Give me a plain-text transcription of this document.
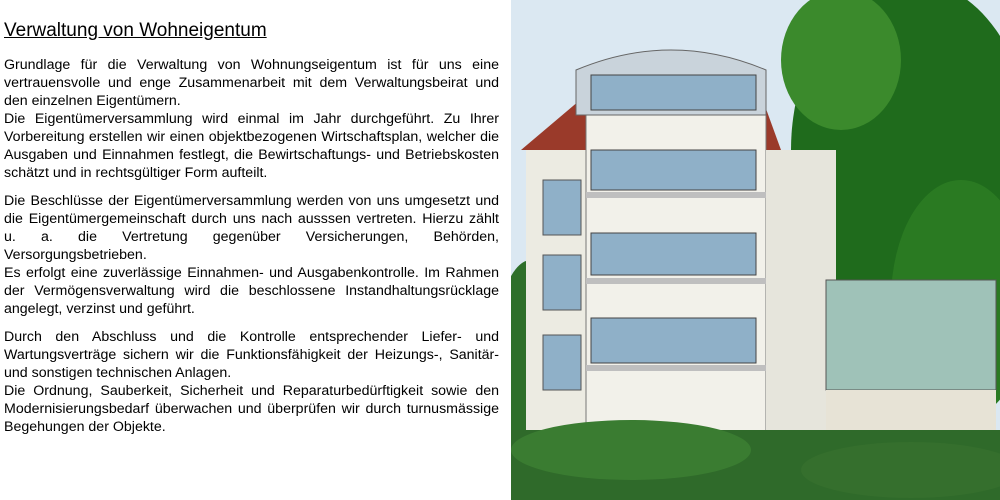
Verwaltung von Wohneigentum
Grundlage für die Verwaltung von Wohnungseigentum ist für uns eine vertrauensvolle und enge Zusammenarbeit mit dem Verwaltungsbeirat und den einzelnen Eigentümern.
Die Eigentümerversammlung wird einmal im Jahr durchgeführt. Zu Ihrer Vorbereitung erstellen wir einen objektbezogenen Wirtschaftsplan, welcher die Ausgaben und Einnahmen festlegt, die Bewirtschaftungs- und Betriebskosten schätzt und in rechtsgültiger Form aufteilt.
Die Beschlüsse der Eigentümerversammlung werden von uns umgesetzt und die Eigentümergemeinschaft durch uns nach ausssen vertreten. Hierzu zählt u. a. die Vertretung gegenüber Versicherungen, Behörden, Versorgungsbetrieben.
Es erfolgt eine zuverlässige Einnahmen- und Ausgabenkontrolle. Im Rahmen der Vermögensverwaltung wird die beschlossene Instandhaltungsrücklage angelegt, verzinst und geführt.
Durch den Abschluss und die Kontrolle entsprechender Liefer- und Wartungsverträge sichern wir die Funktionsfähigkeit der Heizungs-, Sanitär- und sonstigen technischen Anlagen.
Die Ordnung, Sauberkeit, Sicherheit und Reparaturbedürftigkeit sowie den Modernisierungsbedarf überwachen und überprüfen wir durch turnusmässige Begehungen der Objekte.
